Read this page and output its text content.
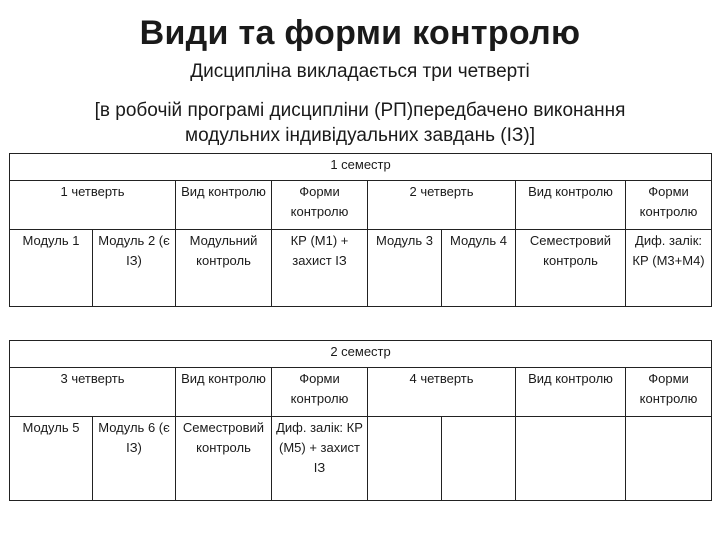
Види та форми контролю
Дисципліна викладається три четверті
[в робочій програмі дисципліни (РП)передбачено виконання
модульних індивідуальних завдань (ІЗ)]
1 семестр							
1 четверть		Вид контролю	Форми контролю	2 четверть		Вид контролю	Форми контролю
Модуль 1	Модуль 2 (є ІЗ)	Модульний контроль	КР (М1) + захист ІЗ	Модуль 3	Модуль 4	Семестровий контроль	Диф. залік: КР (М3+М4)
2 семестр							
3 четверть		Вид контролю	Форми контролю	4 четверть		Вид контролю	Форми контролю
Модуль 5	Модуль 6 (є ІЗ)	Семестровий контроль	Диф. залік: КР (М5) + захист ІЗ				
